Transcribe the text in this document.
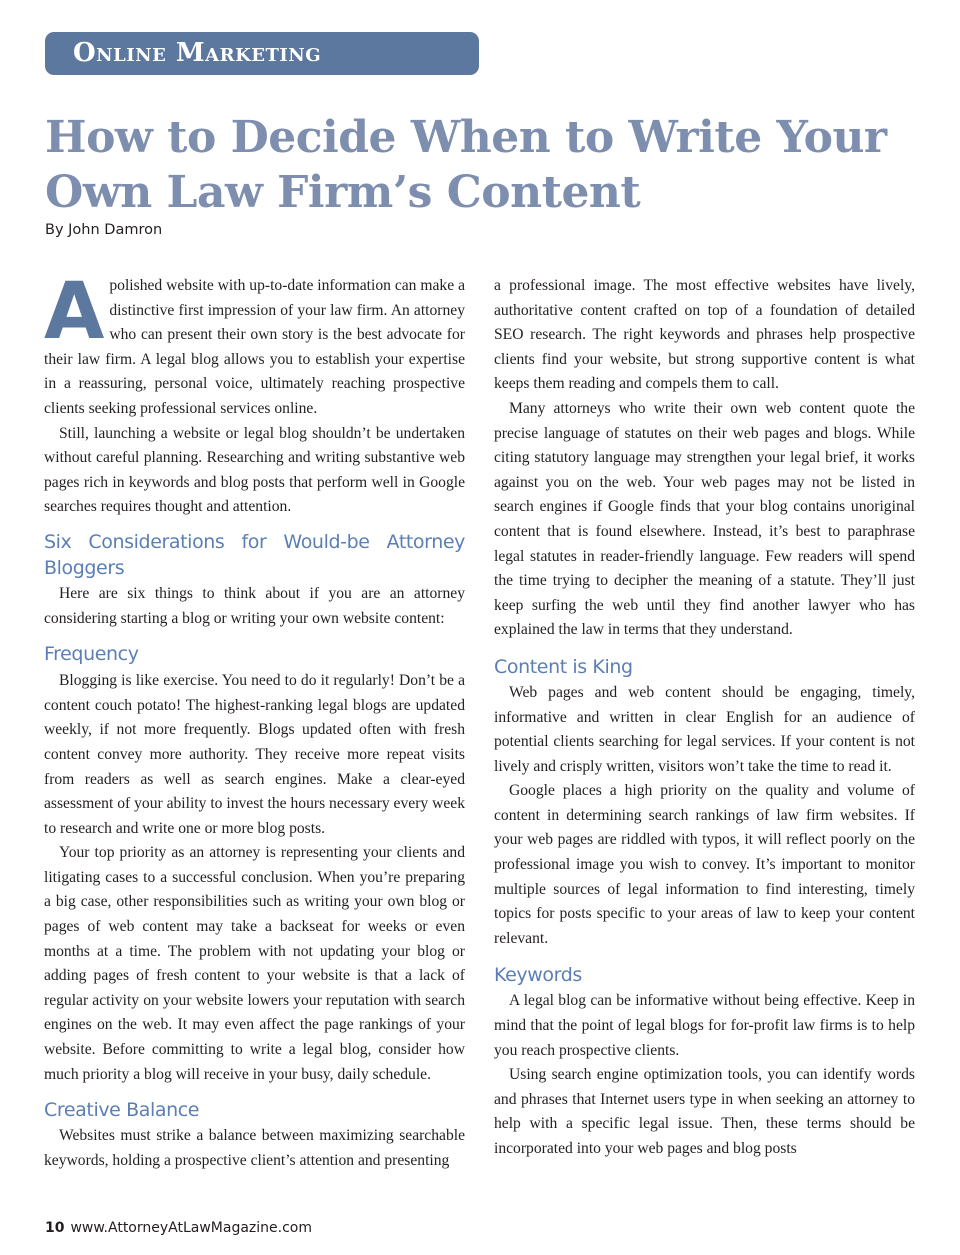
Online Marketing
How to Decide When to Write Your Own Law Firm’s Content

By John Damron

Apolished website with up-to-date information can make a distinctive first impression of your law firm. An attorney who can present their own story is the best advocate for their law firm. A legal blog allows you to establish your expertise in a reassuring, personal voice, ultimately reaching prospective clients seeking professional services online.

Still, launching a website or legal blog shouldn’t be undertaken without careful planning. Researching and writing substantive web pages rich in keywords and blog posts that perform well in Google searches requires thought and attention.

Six Considerations for Would-be Attorney Bloggers

Here are six things to think about if you are an attorney considering starting a blog or writing your own website content:

Frequency

Blogging is like exercise. You need to do it regularly! Don’t be a content couch potato! The highest-ranking legal blogs are updated weekly, if not more frequently. Blogs updated often with fresh content convey more authority. They receive more repeat visits from readers as well as search engines. Make a clear-eyed assessment of your ability to invest the hours necessary every week to research and write one or more blog posts.

Your top priority as an attorney is representing your clients and litigating cases to a successful conclusion. When you’re preparing a big case, other responsibilities such as writing your own blog or pages of web content may take a backseat for weeks or even months at a time. The problem with not updating your blog or adding pages of fresh content to your website is that a lack of regular activity on your website lowers your reputation with search engines on the web. It may even affect the page rankings of your website. Before committing to write a legal blog, consider how much priority a blog will receive in your busy, daily schedule.

Creative Balance

Websites must strike a balance between maximizing searchable keywords, holding a prospective client’s attention and presenting

a professional image. The most effective websites have lively, authoritative content crafted on top of a foundation of detailed SEO research. The right keywords and phrases help prospective clients find your website, but strong supportive content is what keeps them reading and compels them to call.

Many attorneys who write their own web content quote the precise language of statutes on their web pages and blogs. While citing statutory language may strengthen your legal brief, it works against you on the web. Your web pages may not be listed in search engines if Google finds that your blog contains unoriginal content that is found elsewhere. Instead, it’s best to paraphrase legal statutes in reader-friendly language. Few readers will spend the time trying to decipher the meaning of a statute. They’ll just keep surfing the web until they find another lawyer who has explained the law in terms that they understand.

Content is King

Web pages and web content should be engaging, timely, informative and written in clear English for an audience of potential clients searching for legal services. If your content is not lively and crisply written, visitors won’t take the time to read it.

Google places a high priority on the quality and volume of content in determining search rankings of law firm websites. If your web pages are riddled with typos, it will reflect poorly on the professional image you wish to convey. It’s important to monitor multiple sources of legal information to find interesting, timely topics for posts specific to your areas of law to keep your content relevant.

Keywords

A legal blog can be informative without being effective. Keep in mind that the point of legal blogs for for-profit law firms is to help you reach prospective clients.

Using search engine optimization tools, you can identify words and phrases that Internet users type in when seeking an attorney to help with a specific legal issue. Then, these terms should be incorporated into your web pages and blog posts

10 www.AttorneyAtLawMagazine.com
